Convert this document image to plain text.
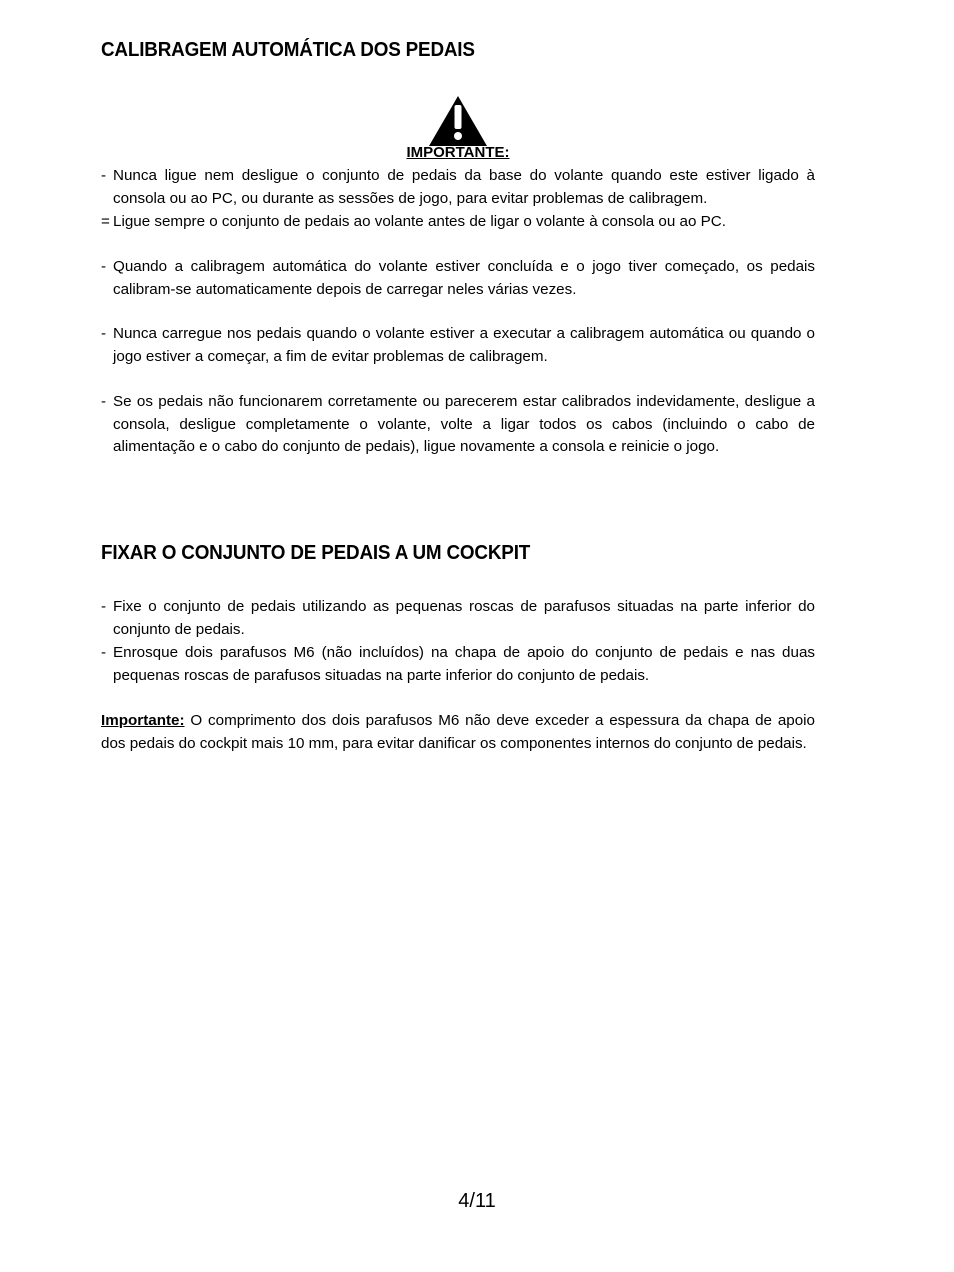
CALIBRAGEM AUTOMÁTICA DOS PEDAIS
IMPORTANTE:
- Nunca ligue nem desligue o conjunto de pedais da base do volante quando este estiver ligado à consola ou ao PC, ou durante as sessões de jogo, para evitar problemas de calibragem.
= Ligue sempre o conjunto de pedais ao volante antes de ligar o volante à consola ou ao PC.
- Quando a calibragem automática do volante estiver concluída e o jogo tiver começado, os pedais calibram-se automaticamente depois de carregar neles várias vezes.
- Nunca carregue nos pedais quando o volante estiver a executar a calibragem automática ou quando o jogo estiver a começar, a fim de evitar problemas de calibragem.
- Se os pedais não funcionarem corretamente ou parecerem estar calibrados indevidamente, desligue a consola, desligue completamente o volante, volte a ligar todos os cabos (incluindo o cabo de alimentação e o cabo do conjunto de pedais), ligue novamente a consola e reinicie o jogo.
FIXAR O CONJUNTO DE PEDAIS A UM COCKPIT
- Fixe o conjunto de pedais utilizando as pequenas roscas de parafusos situadas na parte inferior do conjunto de pedais.
- Enrosque dois parafusos M6 (não incluídos) na chapa de apoio do conjunto de pedais e nas duas pequenas roscas de parafusos situadas na parte inferior do conjunto de pedais.
Importante: O comprimento dos dois parafusos M6 não deve exceder a espessura da chapa de apoio dos pedais do cockpit mais 10 mm, para evitar danificar os componentes internos do conjunto de pedais.
4/11
